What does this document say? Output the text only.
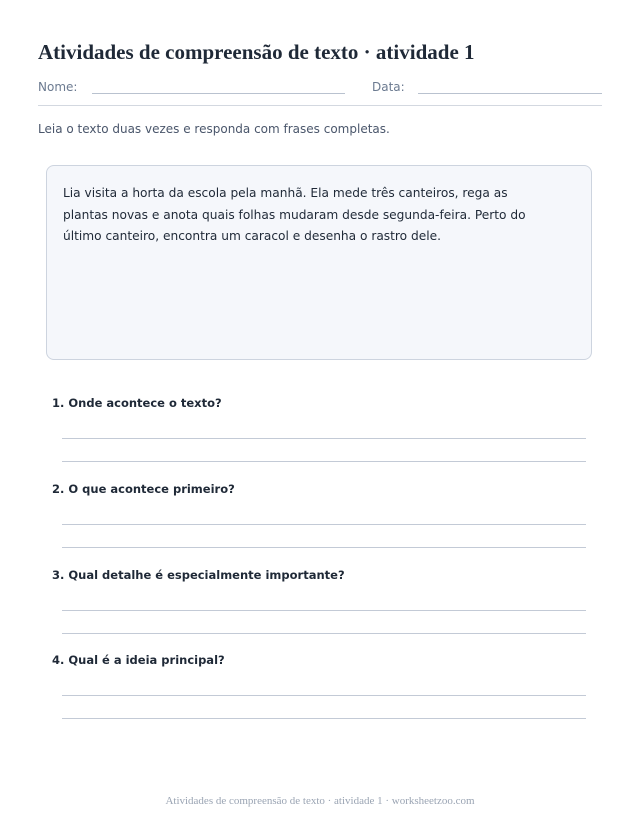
Atividades de compreensão de texto · atividade 1
Nome:	Data:
Leia o texto duas vezes e responda com frases completas.
Lia visita a horta da escola pela manhã. Ela mede três canteiros, rega as
plantas novas e anota quais folhas mudaram desde segunda-feira. Perto do
último canteiro, encontra um caracol e desenha o rastro dele.
1. Onde acontece o texto?
2. O que acontece primeiro?
3. Qual detalhe é especialmente importante?
4. Qual é a ideia principal?
Atividades de compreensão de texto · atividade 1 · worksheetzoo.com
